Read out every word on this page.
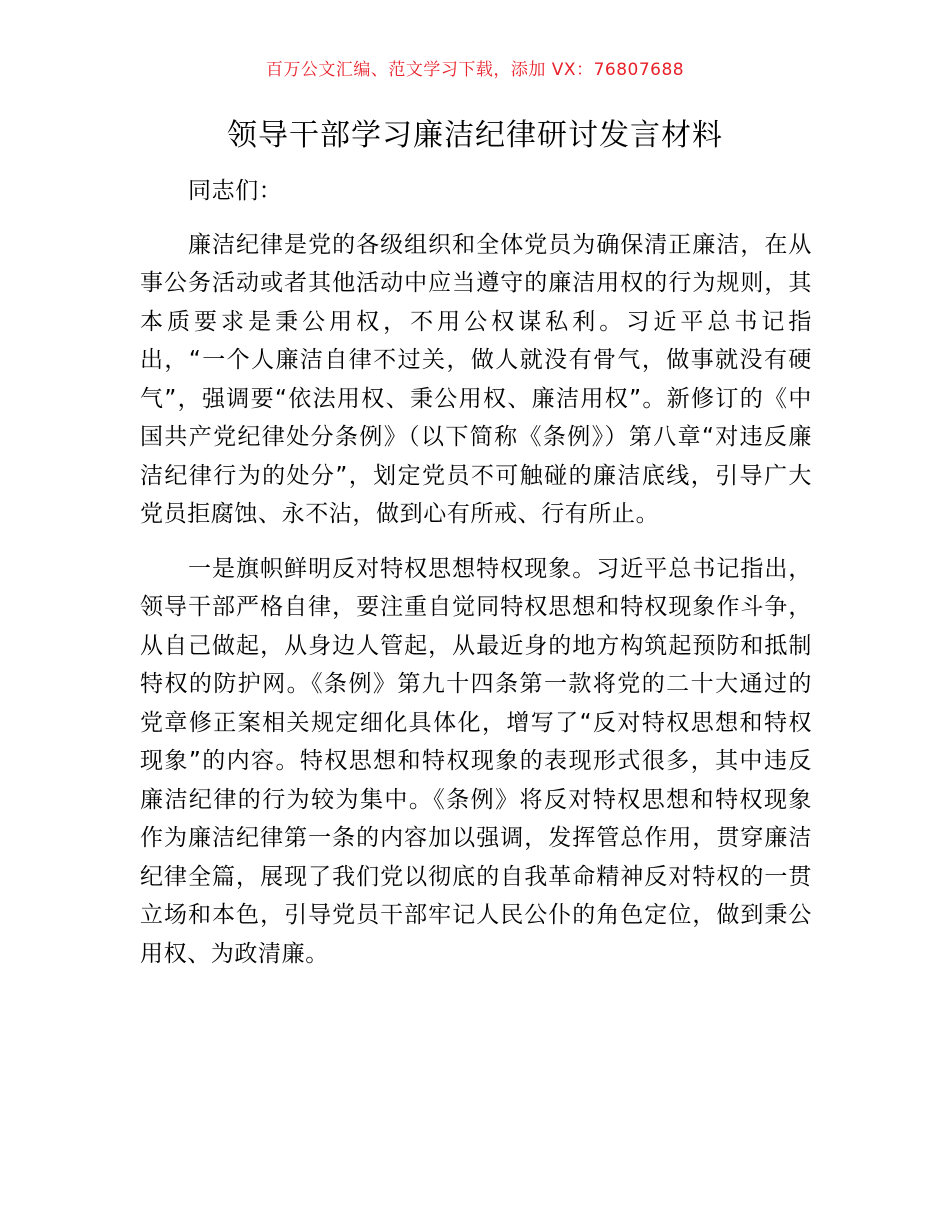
百万公文汇编、范文学习下载，添加 VX：76807688
领导干部学习廉洁纪律研讨发言材料

同志们：

廉洁纪律是党的各级组织和全体党员为确保清正廉洁，在从事公务活动或者其他活动中应当遵守的廉洁用权的行为规则，其本质要求是秉公用权，不用公权谋私利。习近平总书记指出，“一个人廉洁自律不过关，做人就没有骨气，做事就没有硬气”，强调要“依法用权、秉公用权、廉洁用权”。新修订的《中国共产党纪律处分条例》（以下简称《条例》）第八章“对违反廉洁纪律行为的处分”，划定党员不可触碰的廉洁底线，引导广大党员拒腐蚀、永不沾，做到心有所戒、行有所止。

一是旗帜鲜明反对特权思想特权现象。习近平总书记指出，领导干部严格自律，要注重自觉同特权思想和特权现象作斗争，从自己做起，从身边人管起，从最近身的地方构筑起预防和抵制特权的防护网。《条例》第九十四条第一款将党的二十大通过的党章修正案相关规定细化具体化，增写了“反对特权思想和特权现象”的内容。特权思想和特权现象的表现形式很多，其中违反廉洁纪律的行为较为集中。《条例》将反对特权思想和特权现象作为廉洁纪律第一条的内容加以强调，发挥管总作用，贯穿廉洁纪律全篇，展现了我们党以彻底的自我革命精神反对特权的一贯立场和本色，引导党员干部牢记人民公仆的角色定位，做到秉公用权、为政清廉。
